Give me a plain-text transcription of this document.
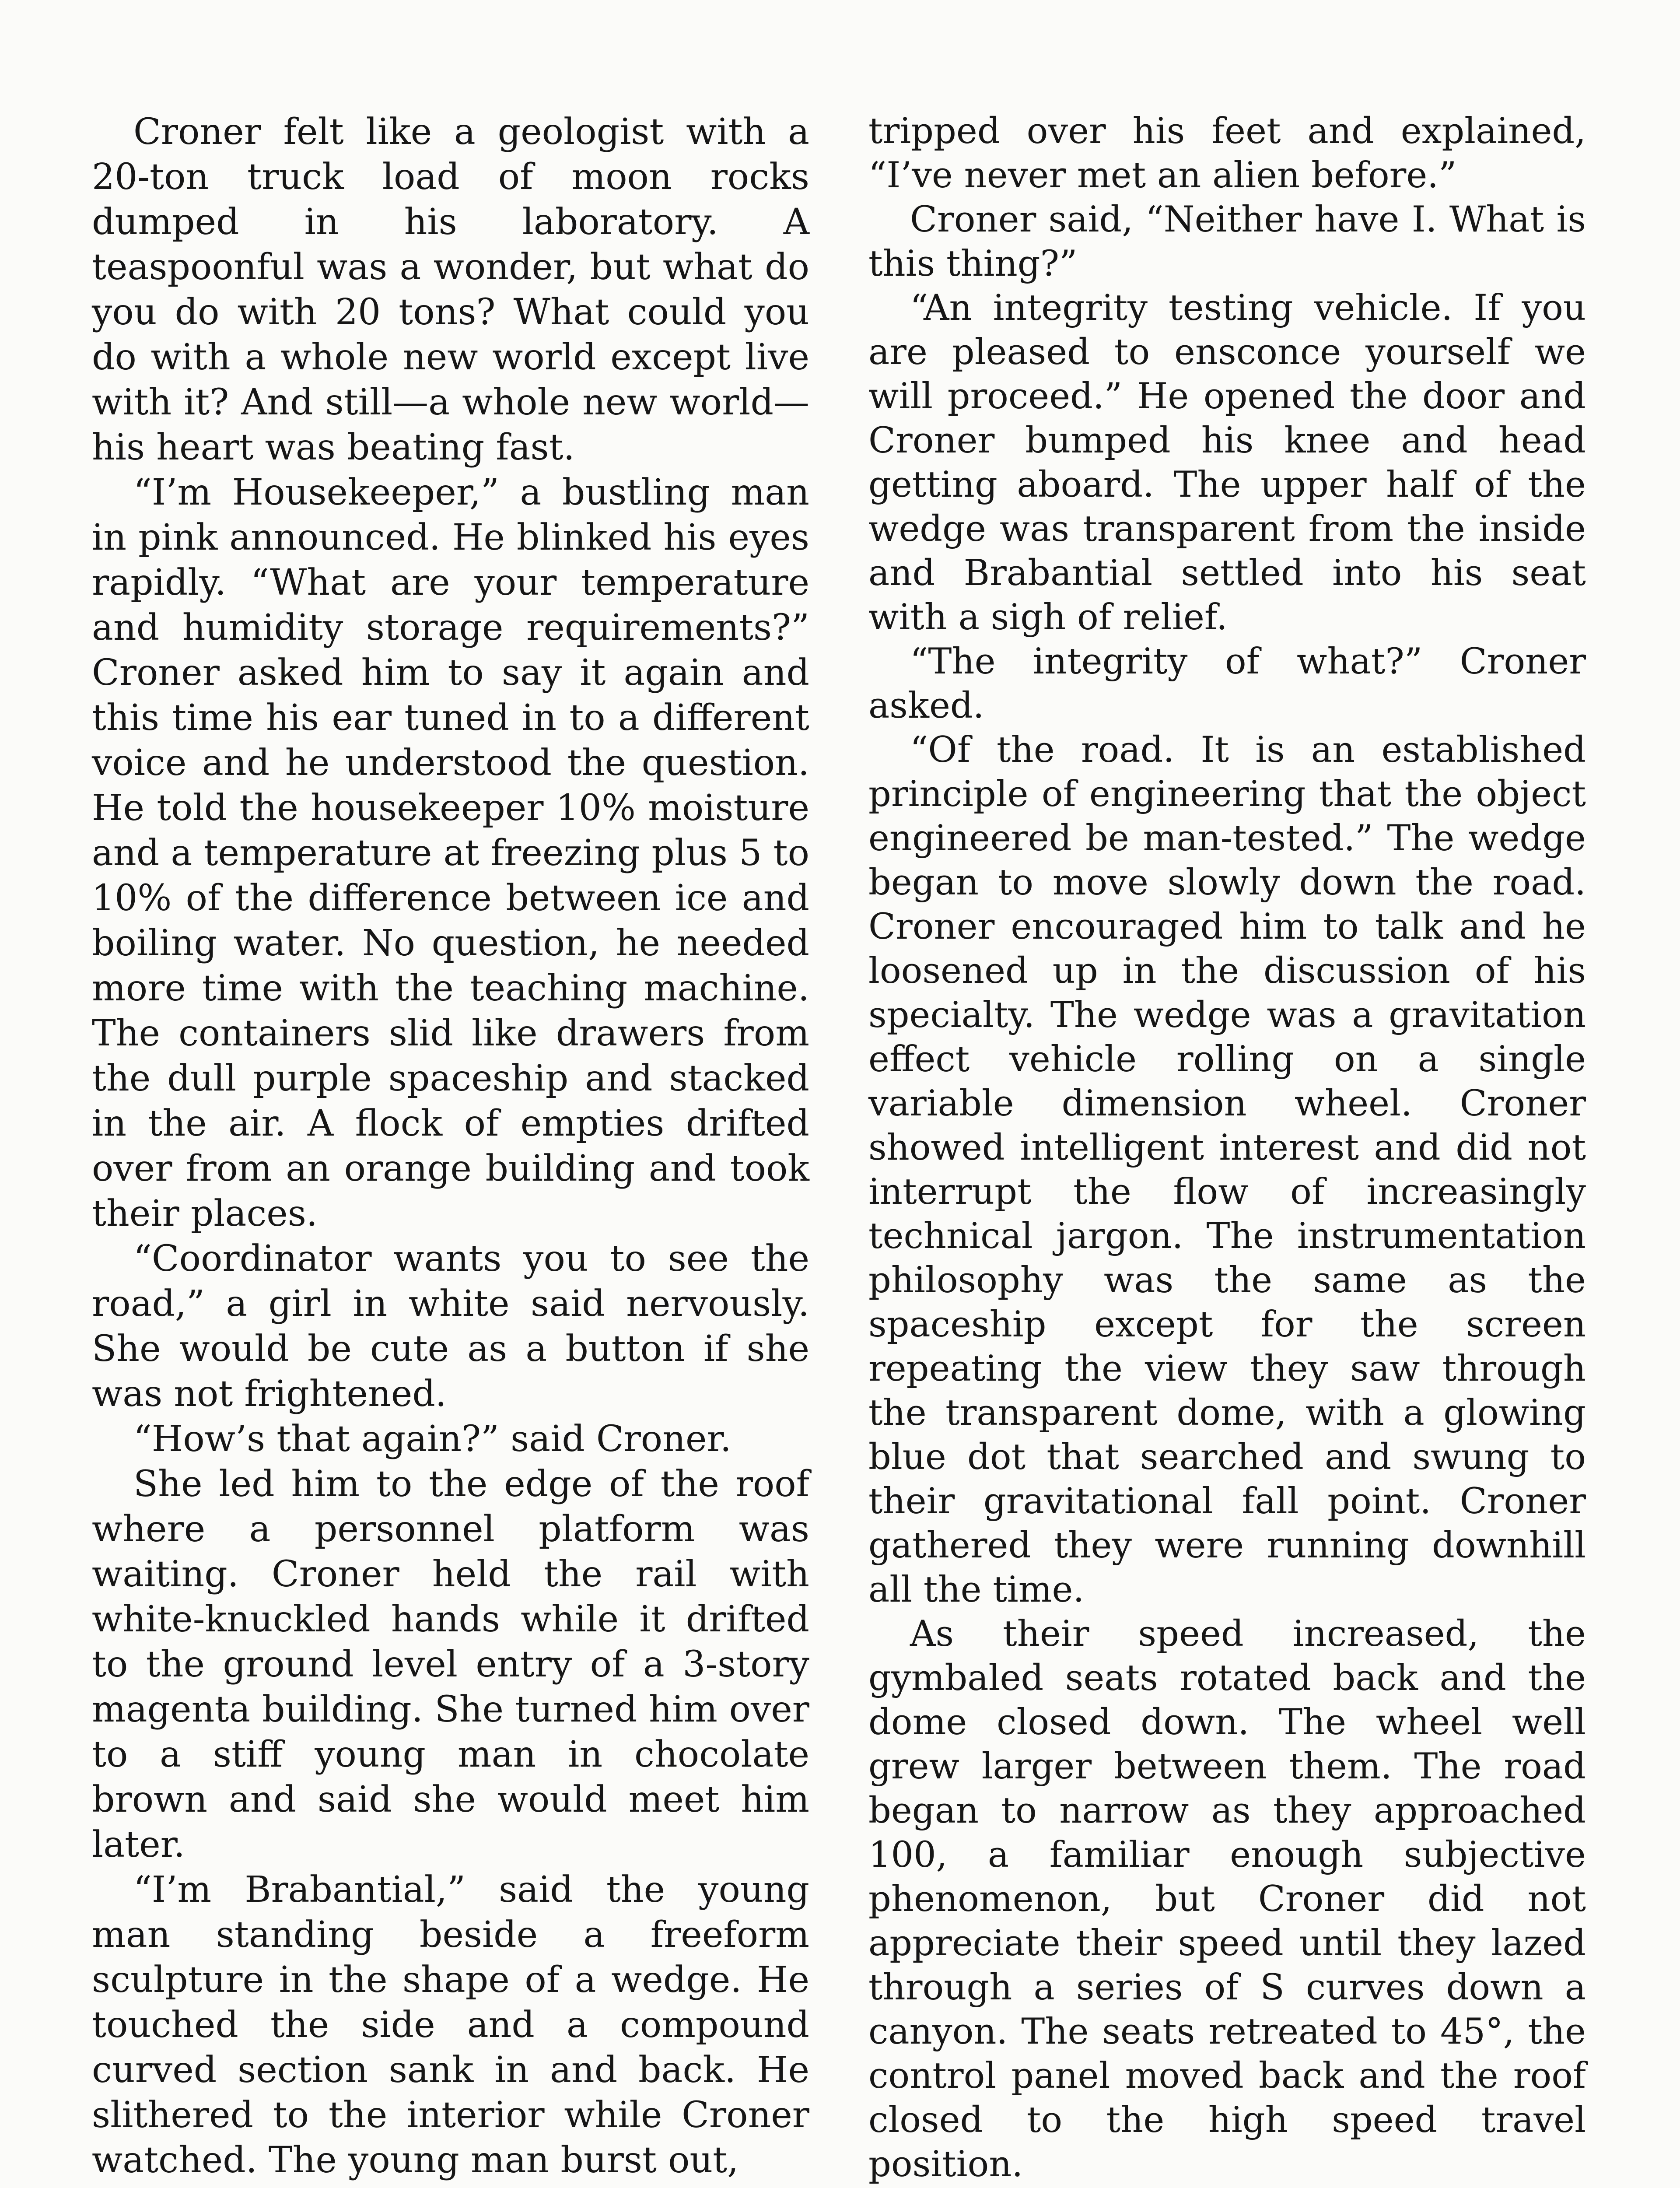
Croner felt like a geologist with a 20-ton truck load of moon rocks dumped in his laboratory. A teaspoonful was a wonder, but what do you do with 20 tons? What could you do with a whole new world except live with it? And still—a whole new world—his heart was beating fast.

“I’m Housekeeper,” a bustling man in pink announced. He blinked his eyes rapidly. “What are your temperature and humidity storage requirements?” Croner asked him to say it again and this time his ear tuned in to a different voice and he understood the question. He told the housekeeper 10% moisture and a temperature at freezing plus 5 to 10% of the difference between ice and boiling water. No question, he needed more time with the teaching machine. The containers slid like drawers from the dull purple spaceship and stacked in the air. A flock of empties drifted over from an orange building and took their places.

“Coordinator wants you to see the road,” a girl in white said nervously. She would be cute as a button if she was not frightened.

“How’s that again?” said Croner.

She led him to the edge of the roof where a personnel platform was waiting. Croner held the rail with white-knuckled hands while it drifted to the ground level entry of a 3-story magenta building. She turned him over to a stiff young man in chocolate brown and said she would meet him later.

“I’m Brabantial,” said the young man standing beside a freeform sculpture in the shape of a wedge. He touched the side and a compound curved section sank in and back. He slithered to the interior while Croner watched. The young man burst out,

tripped over his feet and explained, “I’ve never met an alien before.”

Croner said, “Neither have I. What is this thing?”

“An integrity testing vehicle. If you are pleased to ensconce yourself we will proceed.” He opened the door and Croner bumped his knee and head getting aboard. The upper half of the wedge was transparent from the inside and Brabantial settled into his seat with a sigh of relief.

“The integrity of what?” Croner asked.

“Of the road. It is an established principle of engineering that the object engineered be man-tested.” The wedge began to move slowly down the road. Croner encouraged him to talk and he loosened up in the discussion of his specialty. The wedge was a gravitation effect vehicle rolling on a single variable dimension wheel. Croner showed intelligent interest and did not interrupt the flow of increasingly technical jargon. The instrumentation philosophy was the same as the spaceship except for the screen repeating the view they saw through the transparent dome, with a glowing blue dot that searched and swung to their gravitational fall point. Croner gathered they were running downhill all the time.

As their speed increased, the gymbaled seats rotated back and the dome closed down. The wheel well grew larger between them. The road began to narrow as they approached 100, a familiar enough subjective phenomenon, but Croner did not appreciate their speed until they lazed through a series of S curves down a canyon. The seats retreated to 45°, the control panel moved back and the roof closed to the high speed travel position.
